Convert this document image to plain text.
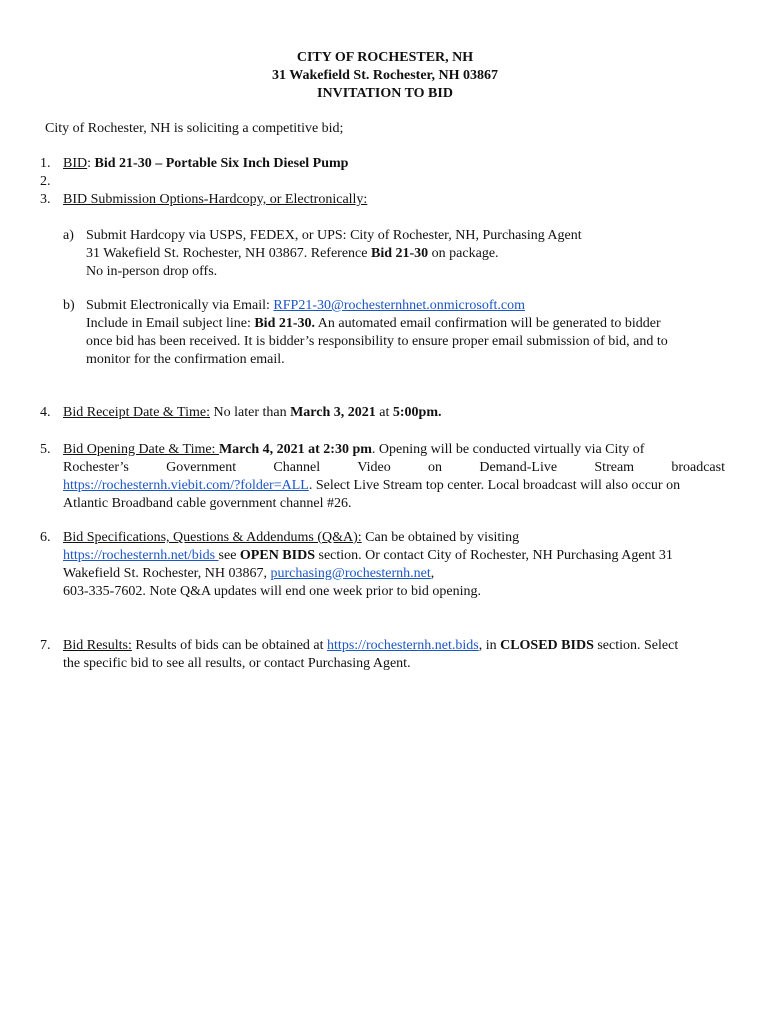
CITY OF ROCHESTER, NH
31 Wakefield St. Rochester, NH 03867
INVITATION TO BID
City of Rochester, NH is soliciting a competitive bid;
1. BID: Bid 21-30 – Portable Six Inch Diesel Pump
2.
3. BID Submission Options-Hardcopy, or Electronically:
a) Submit Hardcopy via USPS, FEDEX, or UPS: City of Rochester, NH, Purchasing Agent
31 Wakefield St. Rochester, NH 03867. Reference Bid 21-30 on package.
No in-person drop offs.
b) Submit Electronically via Email: RFP21-30@rochesternhnet.onmicrosoft.com
Include in Email subject line: Bid 21-30. An automated email confirmation will be generated to bidder
once bid has been received. It is bidder’s responsibility to ensure proper email submission of bid, and to
monitor for the confirmation email.
4. Bid Receipt Date & Time: No later than March 3, 2021 at 5:00pm.
5. Bid Opening Date & Time: March 4, 2021 at 2:30 pm. Opening will be conducted virtually via City of
Rochester’s	Government	Channel	Video	on	Demand-Live	Stream	broadcast
https://rochesternh.viebit.com/?folder=ALL. Select Live Stream top center. Local broadcast will also occur on
Atlantic Broadband cable government channel #26.
6. Bid Specifications, Questions & Addendums (Q&A): Can be obtained by visiting
https://rochesternh.net/bids see OPEN BIDS section. Or contact City of Rochester, NH Purchasing Agent 31
Wakefield St. Rochester, NH 03867, purchasing@rochesternh.net,
603-335-7602. Note Q&A updates will end one week prior to bid opening.
7. Bid Results: Results of bids can be obtained at https://rochesternh.net.bids, in CLOSED BIDS section. Select
the specific bid to see all results, or contact Purchasing Agent.
